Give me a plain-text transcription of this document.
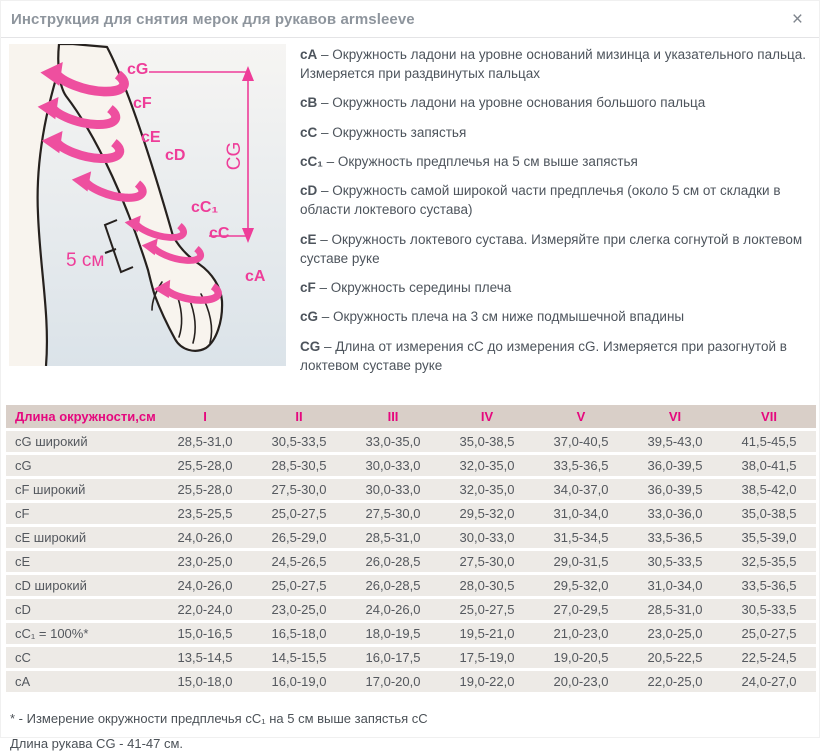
Инструкция для снятия мерок для рукавов armsleeve	×
cG
cF
cE
cD
cC₁
cC
cA
CG
5 см

cA – Окружность ладони на уровне оснований мизинца и указательного пальца. Измеряется при раздвинутых пальцах

cB – Окружность ладони на уровне основания большого пальца

cC – Окружность запястья

cC₁ – Окружность предплечья на 5 см выше запястья

cD – Окружность самой широкой части предплечья (около 5 см от складки в области локтевого сустава)

cE – Окружность локтевого сустава. Измеряйте при слегка согнутой в локтевом суставе руке

cF – Окружность середины плеча

cG – Окружность плеча на 3 см ниже подмышечной впадины

CG – Длина от измерения cC до измерения cG. Измеряется при разогнутой в локтевом суставе руке

Длина окружности,см	I	II	III	IV	V	VI	VII
cG широкий	28,5-31,0	30,5-33,5	33,0-35,0	35,0-38,5	37,0-40,5	39,5-43,0	41,5-45,5
cG	25,5-28,0	28,5-30,5	30,0-33,0	32,0-35,0	33,5-36,5	36,0-39,5	38,0-41,5
cF широкий	25,5-28,0	27,5-30,0	30,0-33,0	32,0-35,0	34,0-37,0	36,0-39,5	38,5-42,0
cF	23,5-25,5	25,0-27,5	27,5-30,0	29,5-32,0	31,0-34,0	33,0-36,0	35,0-38,5
cE широкий	24,0-26,0	26,5-29,0	28,5-31,0	30,0-33,0	31,5-34,5	33,5-36,5	35,5-39,0
cE	23,0-25,0	24,5-26,5	26,0-28,5	27,5-30,0	29,0-31,5	30,5-33,5	32,5-35,5
cD широкий	24,0-26,0	25,0-27,5	26,0-28,5	28,0-30,5	29,5-32,0	31,0-34,0	33,5-36,5
cD	22,0-24,0	23,0-25,0	24,0-26,0	25,0-27,5	27,0-29,5	28,5-31,0	30,5-33,5
cC₁ = 100%*	15,0-16,5	16,5-18,0	18,0-19,5	19,5-21,0	21,0-23,0	23,0-25,0	25,0-27,5
cC	13,5-14,5	14,5-15,5	16,0-17,5	17,5-19,0	19,0-20,5	20,5-22,5	22,5-24,5
cA	15,0-18,0	16,0-19,0	17,0-20,0	19,0-22,0	20,0-23,0	22,0-25,0	24,0-27,0

* - Измерение окружности предплечья cC₁ на 5 см выше запястья cC

Длина рукава CG - 41-47 см.
